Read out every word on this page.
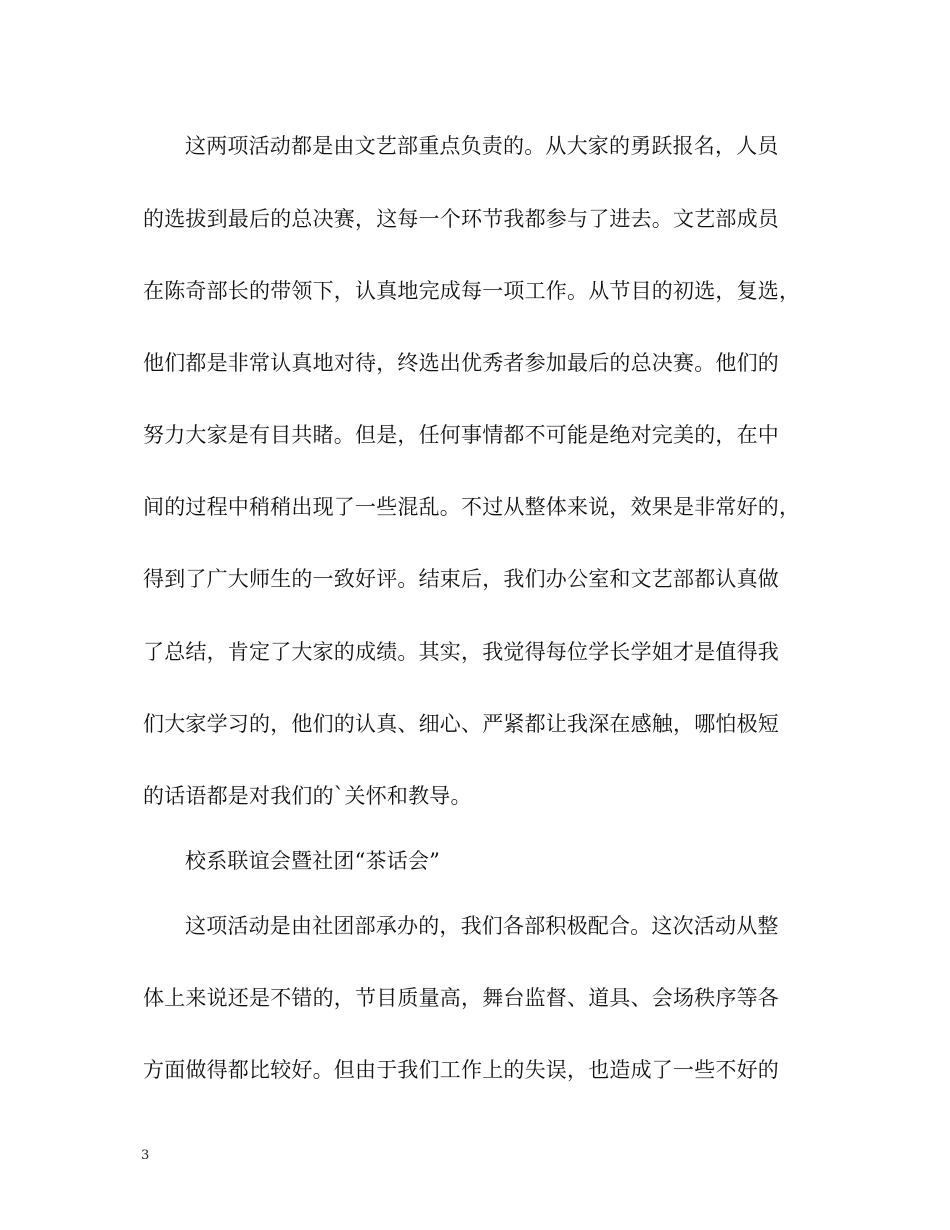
这两项活动都是由文艺部重点负责的。从大家的勇跃报名，人员
的选拔到最后的总决赛，这每一个环节我都参与了进去。文艺部成员
在陈奇部长的带领下，认真地完成每一项工作。从节目的初选，复选，
他们都是非常认真地对待，终选出优秀者参加最后的总决赛。他们的
努力大家是有目共睹。但是，任何事情都不可能是绝对完美的，在中
间的过程中稍稍出现了一些混乱。不过从整体来说，效果是非常好的，
得到了广大师生的一致好评。结束后，我们办公室和文艺部都认真做
了总结，肯定了大家的成绩。其实，我觉得每位学长学姐才是值得我
们大家学习的，他们的认真、细心、严紧都让我深在感触，哪怕极短
的话语都是对我们的`关怀和教导。
校系联谊会暨社团“茶话会”
这项活动是由社团部承办的，我们各部积极配合。这次活动从整
体上来说还是不错的，节目质量高，舞台监督、道具、会场秩序等各
方面做得都比较好。但由于我们工作上的失误，也造成了一些不好的
3
